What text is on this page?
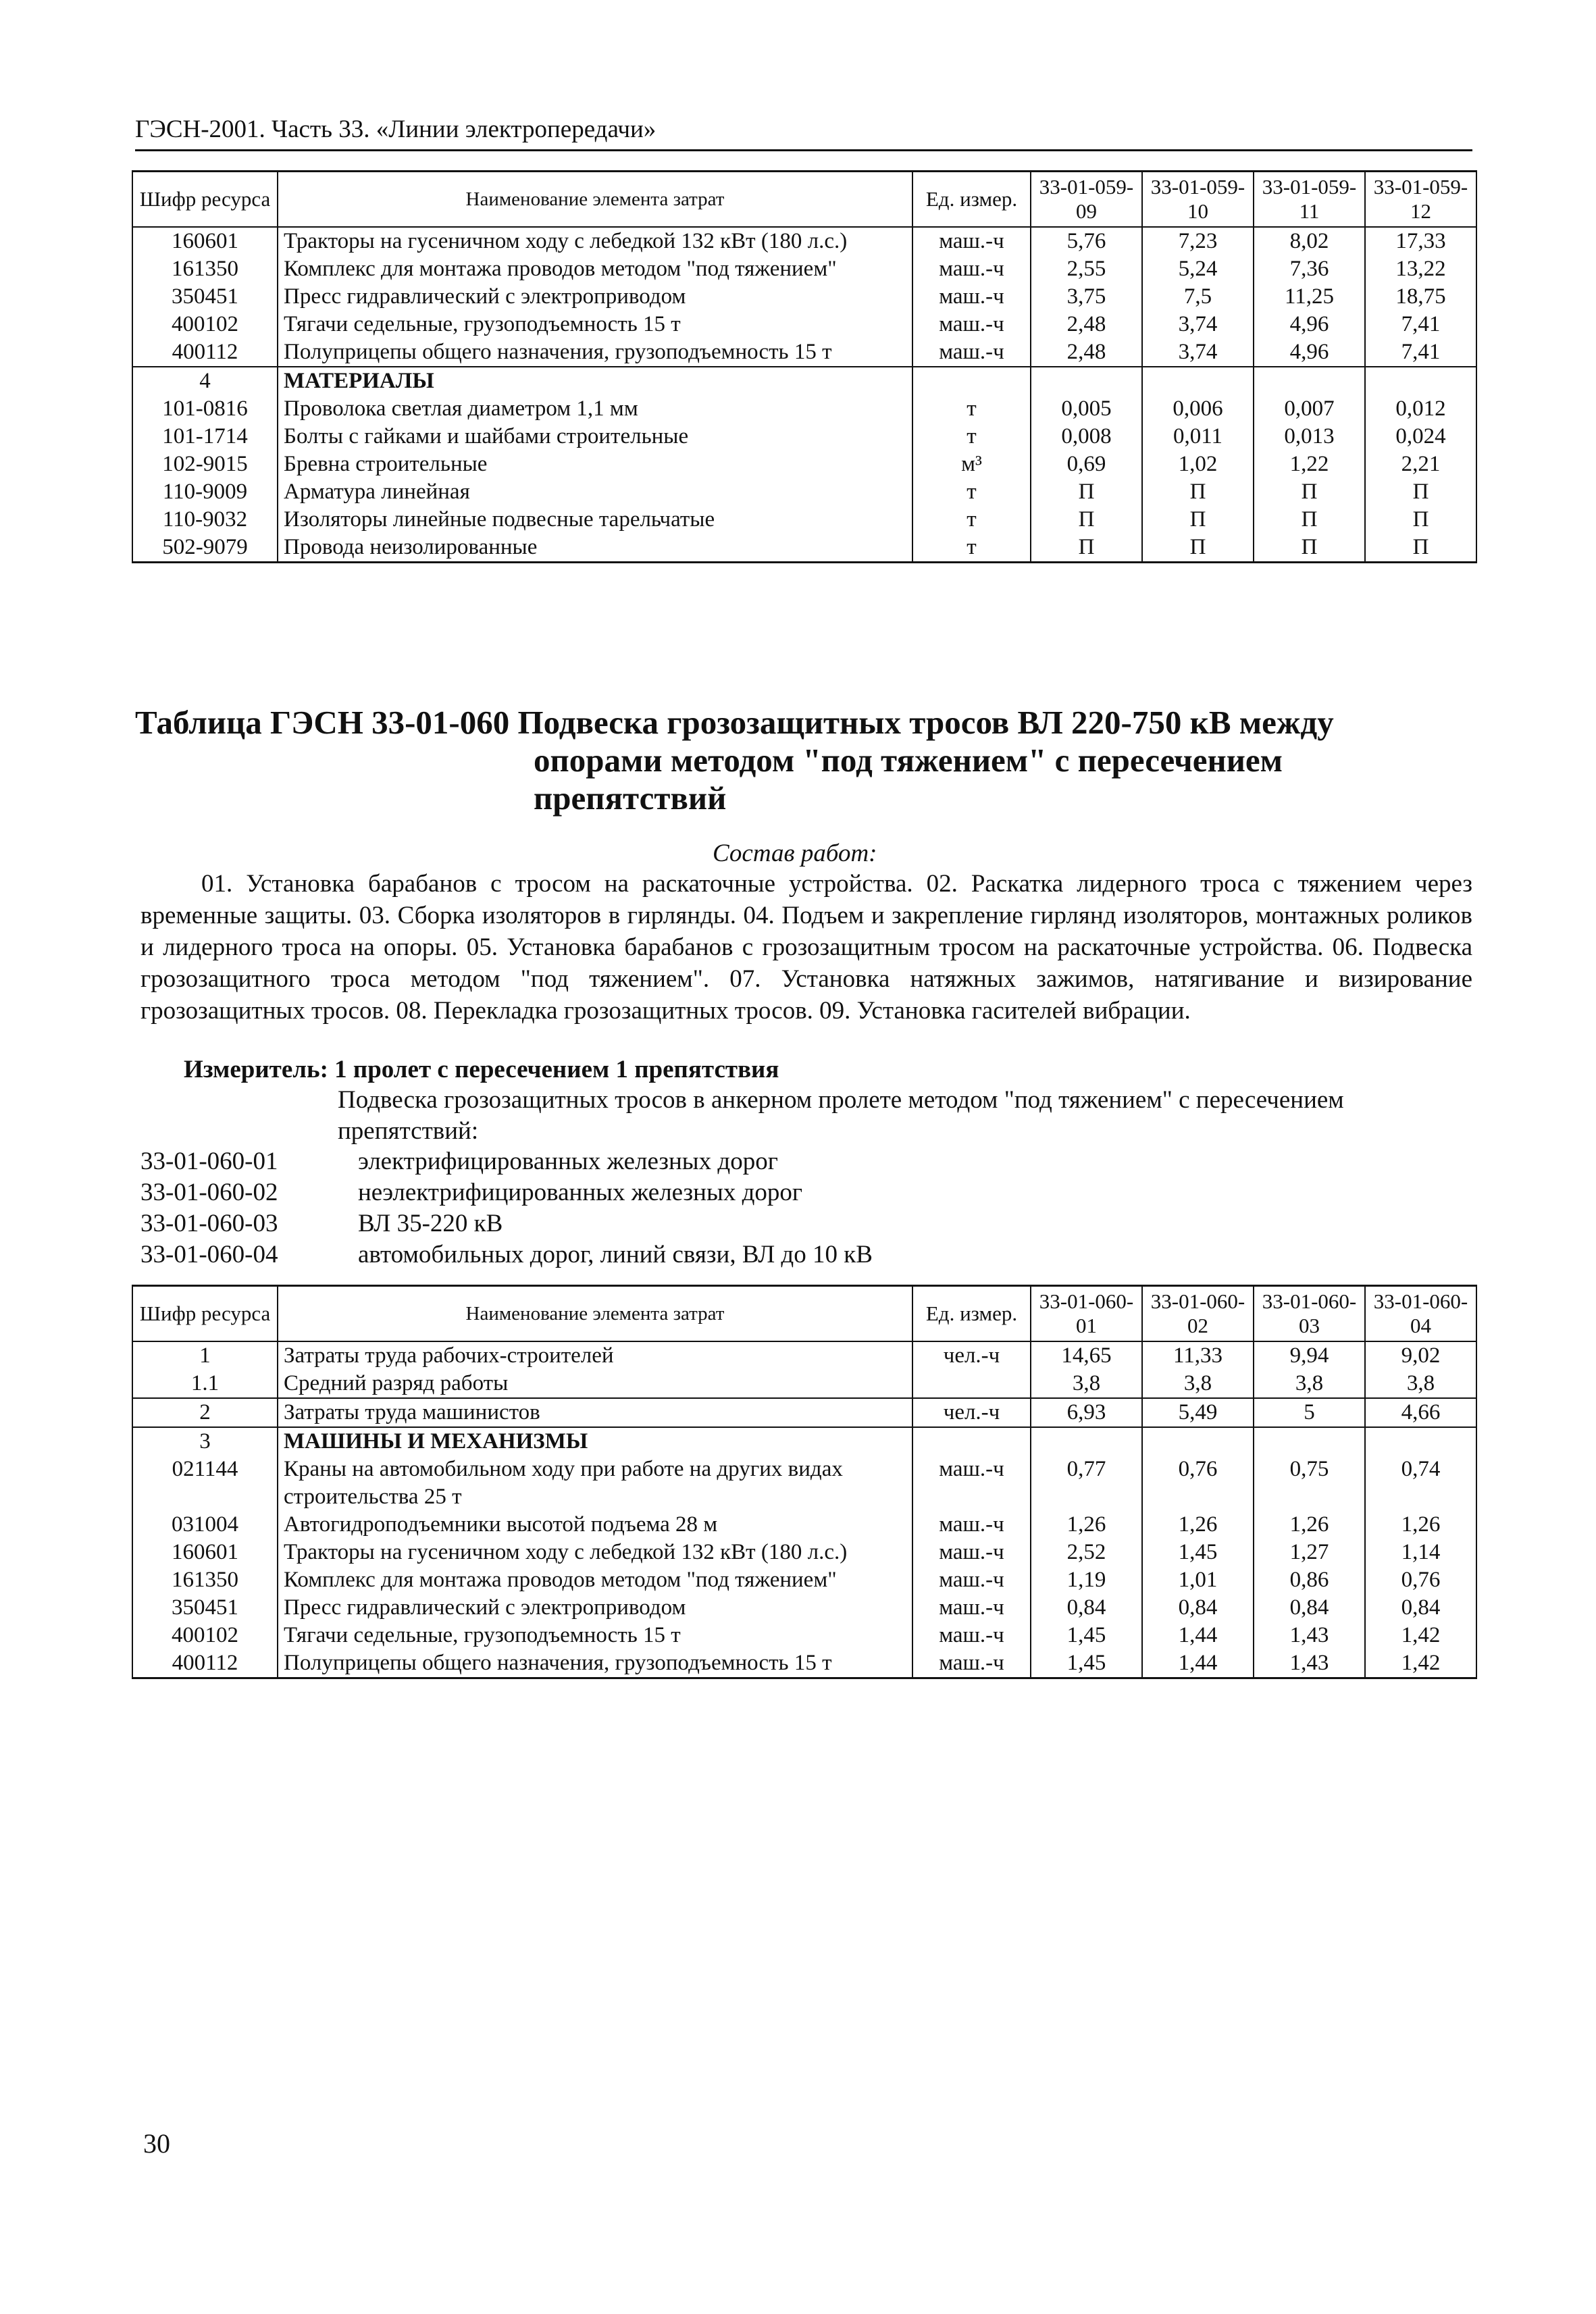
ГЭСН-2001. Часть 33. «Линии электропередачи»
Шифр ресурса	Наименование элемента затрат	Ед. измер.	33-01-059-09	33-01-059-10	33-01-059-11	33-01-059-12
160601	Тракторы на гусеничном ходу с лебедкой 132 кВт (180 л.с.)	маш.-ч	5,76	7,23	8,02	17,33
161350	Комплекс для монтажа проводов методом "под тяжением"	маш.-ч	2,55	5,24	7,36	13,22
350451	Пресс гидравлический с электроприводом	маш.-ч	3,75	7,5	11,25	18,75
400102	Тягачи седельные, грузоподъемность 15 т	маш.-ч	2,48	3,74	4,96	7,41
400112	Полуприцепы общего назначения, грузоподъемность 15 т	маш.-ч	2,48	3,74	4,96	7,41
4	МАТЕРИАЛЫ					
101-0816	Проволока светлая диаметром 1,1 мм	т	0,005	0,006	0,007	0,012
101-1714	Болты с гайками и шайбами строительные	т	0,008	0,011	0,013	0,024
102-9015	Бревна строительные	м³	0,69	1,02	1,22	2,21
110-9009	Арматура линейная	т	П	П	П	П
110-9032	Изоляторы линейные подвесные тарельчатые	т	П	П	П	П
502-9079	Провода неизолированные	т	П	П	П	П
Таблица ГЭСН 33-01-060 Подвеска грозозащитных тросов ВЛ 220-750 кВ между
опорами методом "под тяжением" с пересечением препятствий
Состав работ:
01. Установка барабанов с тросом на раскаточные устройства. 02. Раскатка лидерного троса с тяжением через временные защиты. 03. Сборка изоляторов в гирлянды. 04. Подъем и закрепление гирлянд изоляторов, монтажных роликов и лидерного троса на опоры. 05. Установка барабанов с грозозащитным тросом на раскаточные устройства. 06. Подвеска грозозащитного троса методом "под тяжением". 07. Установка натяжных зажимов, натягивание и визирование грозозащитных тросов. 08. Перекладка грозозащитных тросов. 09. Установка гасителей вибрации.
Измеритель: 1 пролет с пересечением 1 препятствия
Подвеска грозозащитных тросов в анкерном пролете методом "под тяжением" с пересечением препятствий:
33-01-060-01	электрифицированных железных дорог
33-01-060-02	неэлектрифицированных железных дорог
33-01-060-03	ВЛ 35-220 кВ
33-01-060-04	автомобильных дорог, линий связи, ВЛ до 10 кВ
Шифр ресурса	Наименование элемента затрат	Ед. измер.	33-01-060-01	33-01-060-02	33-01-060-03	33-01-060-04
1	Затраты труда рабочих-строителей	чел.-ч	14,65	11,33	9,94	9,02
1.1	Средний разряд работы		3,8	3,8	3,8	3,8
2	Затраты труда машинистов	чел.-ч	6,93	5,49	5	4,66
3	МАШИНЫ И МЕХАНИЗМЫ					
021144	Краны на автомобильном ходу при работе на других видах строительства 25 т	маш.-ч	0,77	0,76	0,75	0,74
031004	Автогидроподъемники высотой подъема 28 м	маш.-ч	1,26	1,26	1,26	1,26
160601	Тракторы на гусеничном ходу с лебедкой 132 кВт (180 л.с.)	маш.-ч	2,52	1,45	1,27	1,14
161350	Комплекс для монтажа проводов методом "под тяжением"	маш.-ч	1,19	1,01	0,86	0,76
350451	Пресс гидравлический с электроприводом	маш.-ч	0,84	0,84	0,84	0,84
400102	Тягачи седельные, грузоподъемность 15 т	маш.-ч	1,45	1,44	1,43	1,42
400112	Полуприцепы общего назначения, грузоподъемность 15 т	маш.-ч	1,45	1,44	1,43	1,42
30
